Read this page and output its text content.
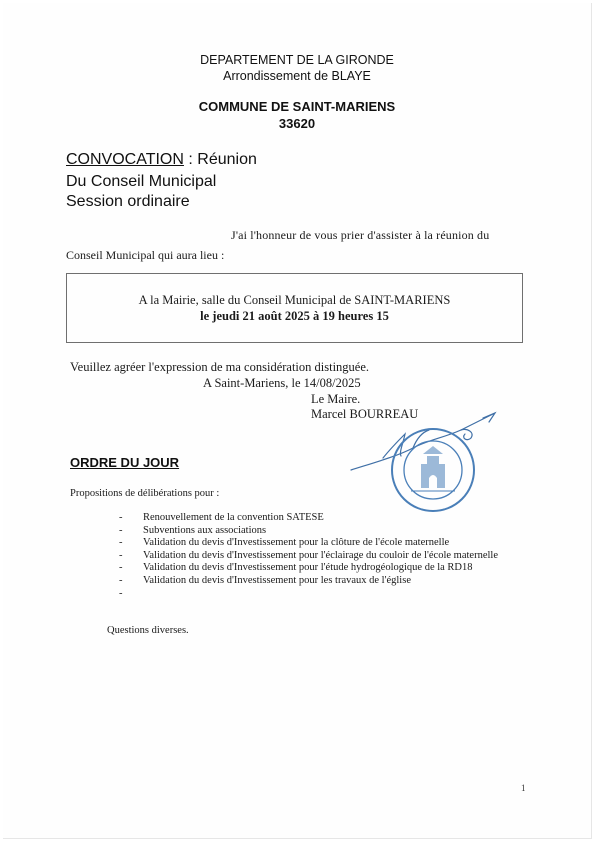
DEPARTEMENT DE LA GIRONDE
Arrondissement de BLAYE
COMMUNE DE SAINT-MARIENS
33620
CONVOCATION : Réunion
Du Conseil Municipal
Session ordinaire
J'ai l'honneur de vous prier d'assister à la réunion du
Conseil Municipal qui aura lieu :
A la Mairie, salle du Conseil Municipal de SAINT-MARIENS
le jeudi 21 août 2025 à 19 heures 15
Veuillez agréer l'expression de ma considération distinguée.
A Saint-Mariens, le 14/08/2025
Le Maire.
Marcel BOURREAU
ORDRE DU JOUR
Propositions de délibérations pour :
- Renouvellement de la convention SATESE
- Subventions aux associations
- Validation du devis d'Investissement pour la clôture de l'école maternelle
- Validation du devis d'Investissement pour l'éclairage du couloir de l'école maternelle
- Validation du devis d'Investissement pour l'étude hydrogéologique de la RD18
- Validation du devis d'Investissement pour les travaux de l'église
-
Questions diverses.
1
